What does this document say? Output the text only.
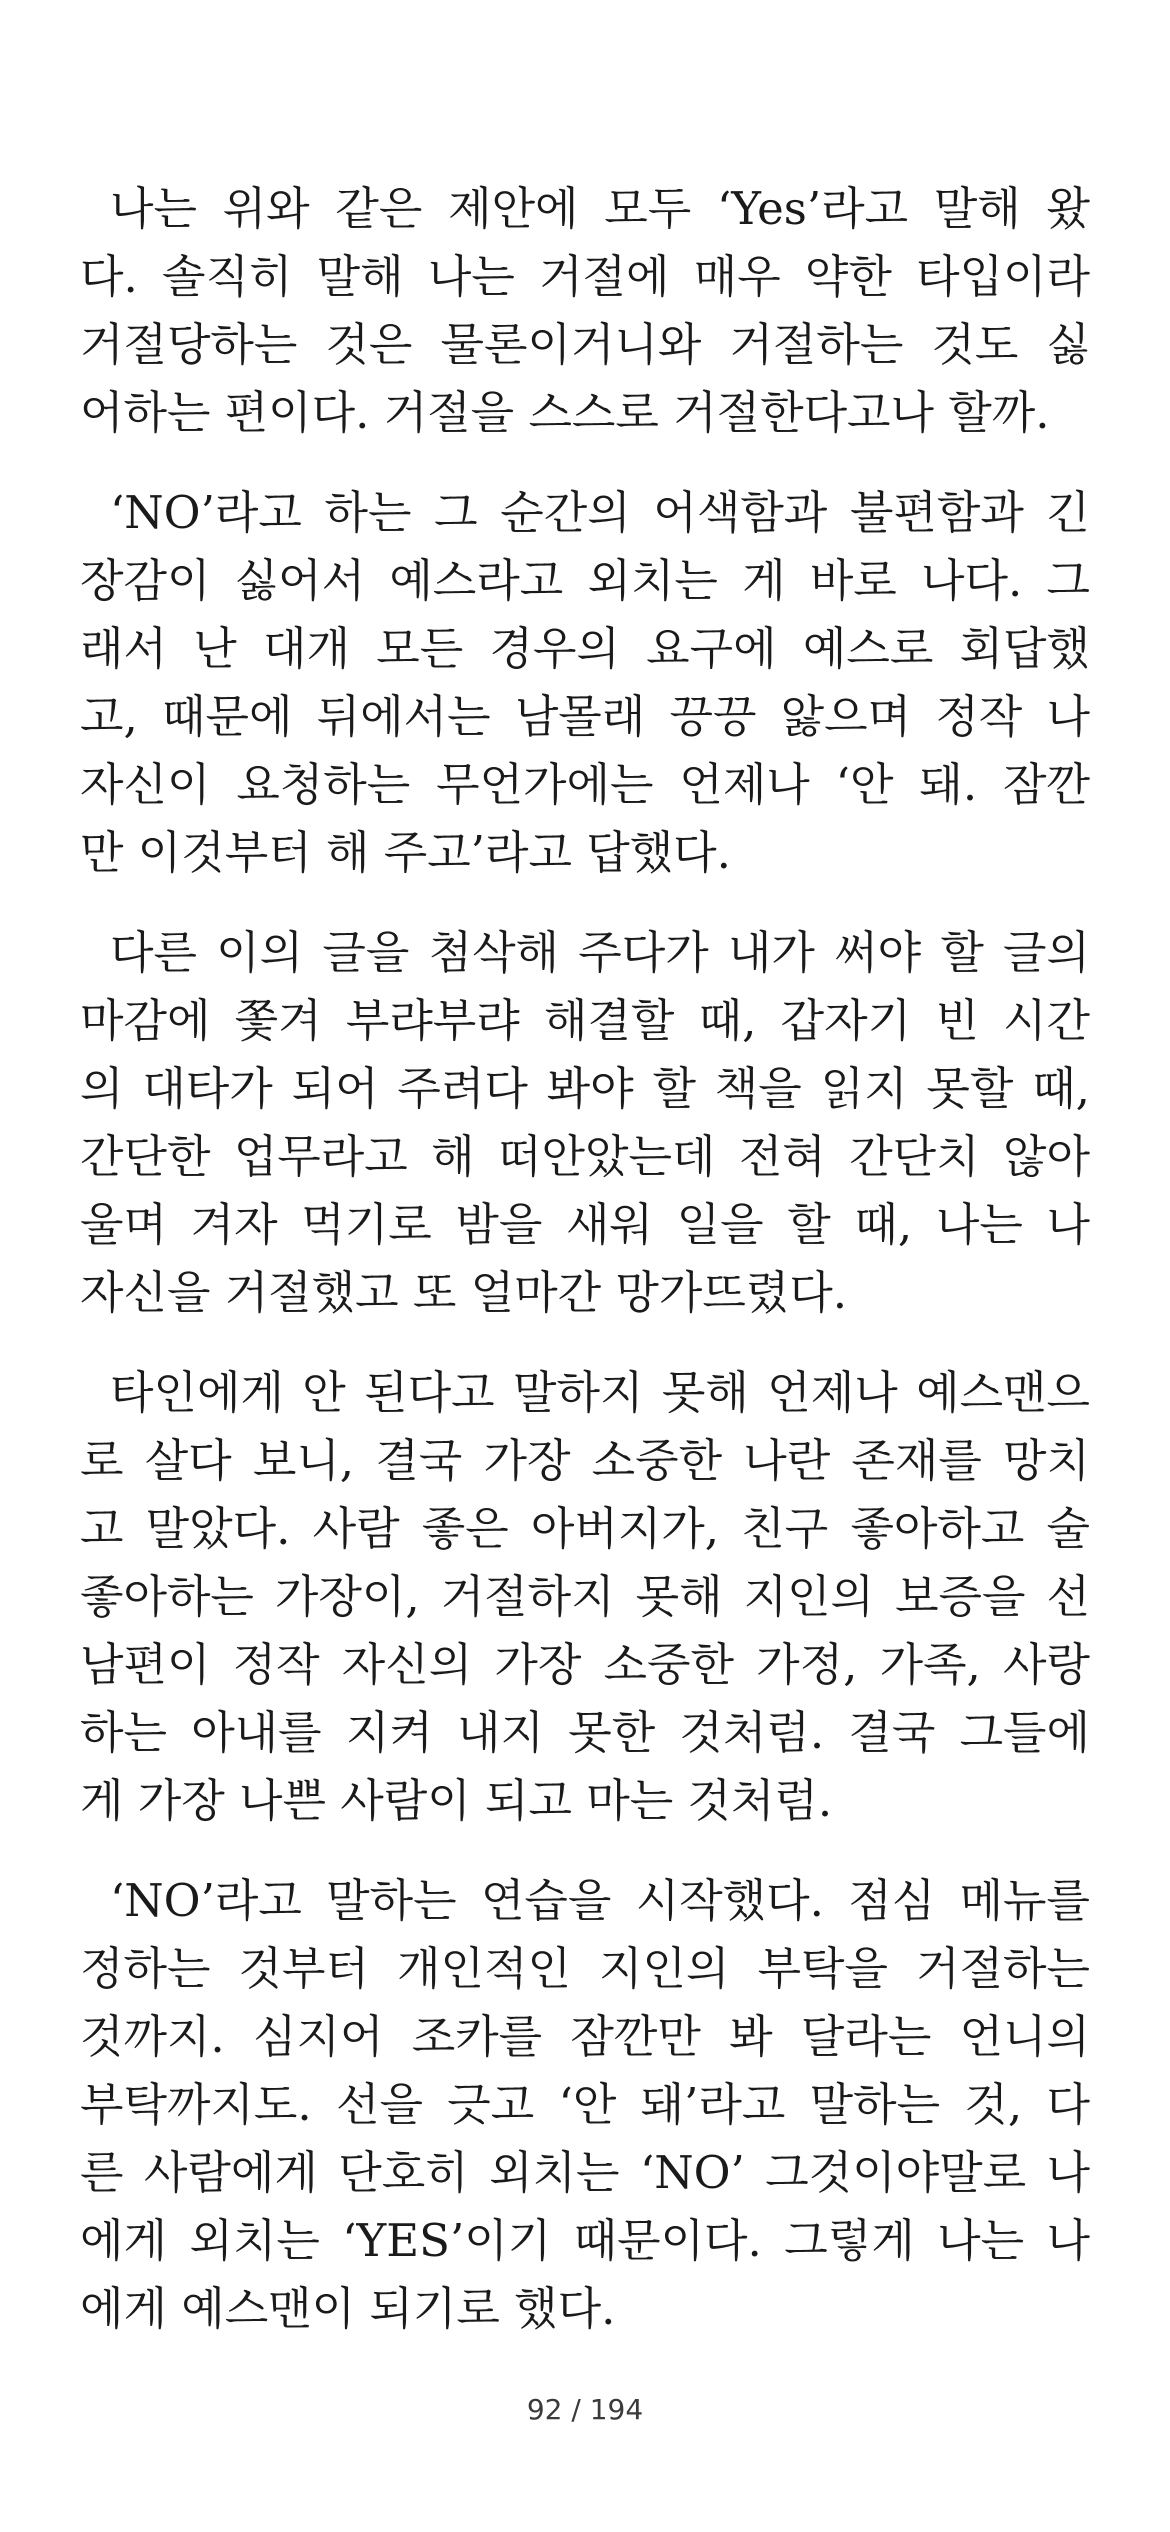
나는 위와 같은 제안에 모두 ‘Yes’라고 말해 왔
다. 솔직히 말해 나는 거절에 매우 약한 타입이라
거절당하는 것은 물론이거니와 거절하는 것도 싫
어하는 편이다. 거절을 스스로 거절한다고나 할까.
‘NO’라고 하는 그 순간의 어색함과 불편함과 긴
장감이 싫어서 예스라고 외치는 게 바로 나다. 그
래서 난 대개 모든 경우의 요구에 예스로 회답했
고, 때문에 뒤에서는 남몰래 끙끙 앓으며 정작 나
자신이 요청하는 무언가에는 언제나 ‘안 돼. 잠깐
만 이것부터 해 주고’라고 답했다.
다른 이의 글을 첨삭해 주다가 내가 써야 할 글의
마감에 쫓겨 부랴부랴 해결할 때, 갑자기 빈 시간
의 대타가 되어 주려다 봐야 할 책을 읽지 못할 때,
간단한 업무라고 해 떠안았는데 전혀 간단치 않아
울며 겨자 먹기로 밤을 새워 일을 할 때, 나는 나
자신을 거절했고 또 얼마간 망가뜨렸다.
타인에게 안 된다고 말하지 못해 언제나 예스맨으
로 살다 보니, 결국 가장 소중한 나란 존재를 망치
고 말았다. 사람 좋은 아버지가, 친구 좋아하고 술
좋아하는 가장이, 거절하지 못해 지인의 보증을 선
남편이 정작 자신의 가장 소중한 가정, 가족, 사랑
하는 아내를 지켜 내지 못한 것처럼. 결국 그들에
게 가장 나쁜 사람이 되고 마는 것처럼.
‘NO’라고 말하는 연습을 시작했다. 점심 메뉴를
정하는 것부터 개인적인 지인의 부탁을 거절하는
것까지. 심지어 조카를 잠깐만 봐 달라는 언니의
부탁까지도. 선을 긋고 ‘안 돼’라고 말하는 것, 다
른 사람에게 단호히 외치는 ‘NO’ 그것이야말로 나
에게 외치는 ‘YES’이기 때문이다. 그렇게 나는 나
에게 예스맨이 되기로 했다.
92 / 194
